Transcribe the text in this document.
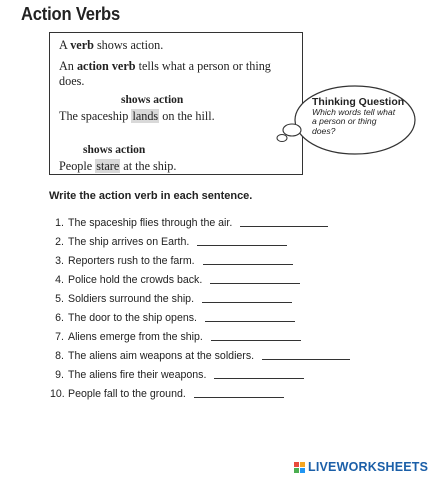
Action Verbs
A verb shows action.
An action verb tells what a person or thing
does.
shows action
The spaceship lands on the hill.
shows action
People stare at the ship.
Thinking Question
Which words tell what
a person or thing
does?
Write the action verb in each sentence.
1. The spaceship flies through the air.
2. The ship arrives on Earth.
3. Reporters rush to the farm.
4. Police hold the crowds back.
5. Soldiers surround the ship.
6. The door to the ship opens.
7. Aliens emerge from the ship.
8. The aliens aim weapons at the soldiers.
9. The aliens fire their weapons.
10. People fall to the ground.
LIVEWORKSHEETS
